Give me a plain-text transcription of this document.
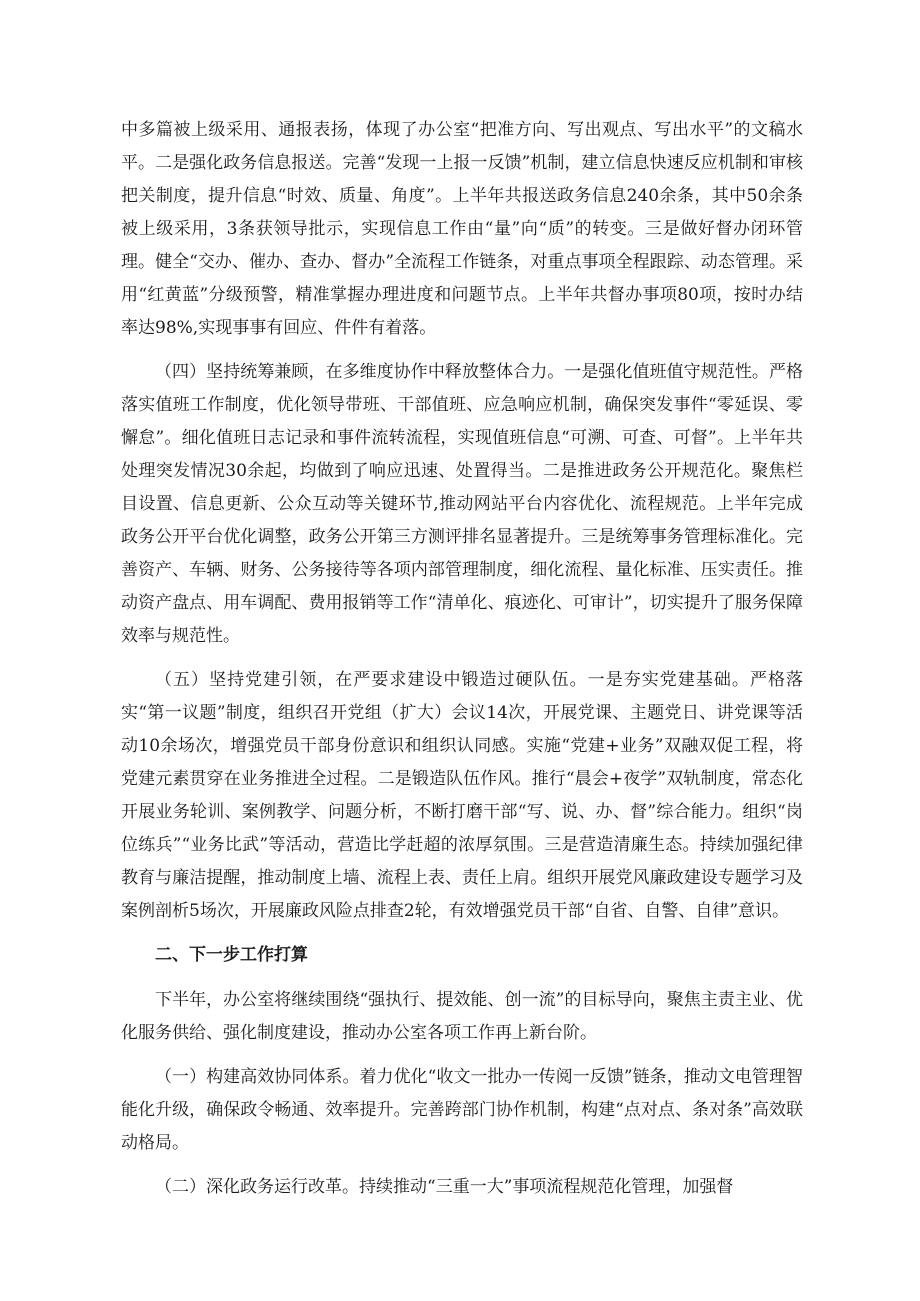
中多篇被上级采用、通报表扬，体现了办公室“把准方向、写出观点、写出水平”的文稿水平。二是强化政务信息报送。完善“发现一上报一反馈”机制，建立信息快速反应机制和审核把关制度，提升信息“时效、质量、角度”。上半年共报送政务信息240余条，其中50余条被上级采用，3条获领导批示，实现信息工作由“量”向“质”的转变。三是做好督办闭环管理。健全“交办、催办、查办、督办”全流程工作链条，对重点事项全程跟踪、动态管理。采用“红黄蓝”分级预警，精准掌握办理进度和问题节点。上半年共督办事项80项，按时办结率达98%,实现事事有回应、件件有着落。

（四）坚持统筹兼顾，在多维度协作中释放整体合力。一是强化值班值守规范性。严格落实值班工作制度，优化领导带班、干部值班、应急响应机制，确保突发事件“零延误、零懈怠”。细化值班日志记录和事件流转流程，实现值班信息“可溯、可查、可督”。上半年共处理突发情况30余起，均做到了响应迅速、处置得当。二是推进政务公开规范化。聚焦栏目设置、信息更新、公众互动等关键环节,推动网站平台内容优化、流程规范。上半年完成政务公开平台优化调整，政务公开第三方测评排名显著提升。三是统筹事务管理标准化。完善资产、车辆、财务、公务接待等各项内部管理制度，细化流程、量化标准、压实责任。推动资产盘点、用车调配、费用报销等工作“清单化、痕迹化、可审计”，切实提升了服务保障效率与规范性。

（五）坚持党建引领，在严要求建设中锻造过硬队伍。一是夯实党建基础。严格落实“第一议题”制度，组织召开党组（扩大）会议14次，开展党课、主题党日、讲党课等活动10余场次，增强党员干部身份意识和组织认同感。实施“党建+业务”双融双促工程，将党建元素贯穿在业务推进全过程。二是锻造队伍作风。推行“晨会+夜学”双轨制度，常态化开展业务轮训、案例教学、问题分析，不断打磨干部“写、说、办、督”综合能力。组织“岗位练兵”“业务比武”等活动，营造比学赶超的浓厚氛围。三是营造清廉生态。持续加强纪律教育与廉洁提醒，推动制度上墙、流程上表、责任上肩。组织开展党风廉政建设专题学习及案例剖析5场次，开展廉政风险点排查2轮，有效增强党员干部“自省、自警、自律”意识。

二、下一步工作打算

下半年，办公室将继续围绕“强执行、提效能、创一流”的目标导向，聚焦主责主业、优化服务供给、强化制度建设，推动办公室各项工作再上新台阶。

（一）构建高效协同体系。着力优化“收文一批办一传阅一反馈”链条，推动文电管理智能化升级，确保政令畅通、效率提升。完善跨部门协作机制，构建“点对点、条对条”高效联动格局。

（二）深化政务运行改革。持续推动“三重一大”事项流程规范化管理，加强督
